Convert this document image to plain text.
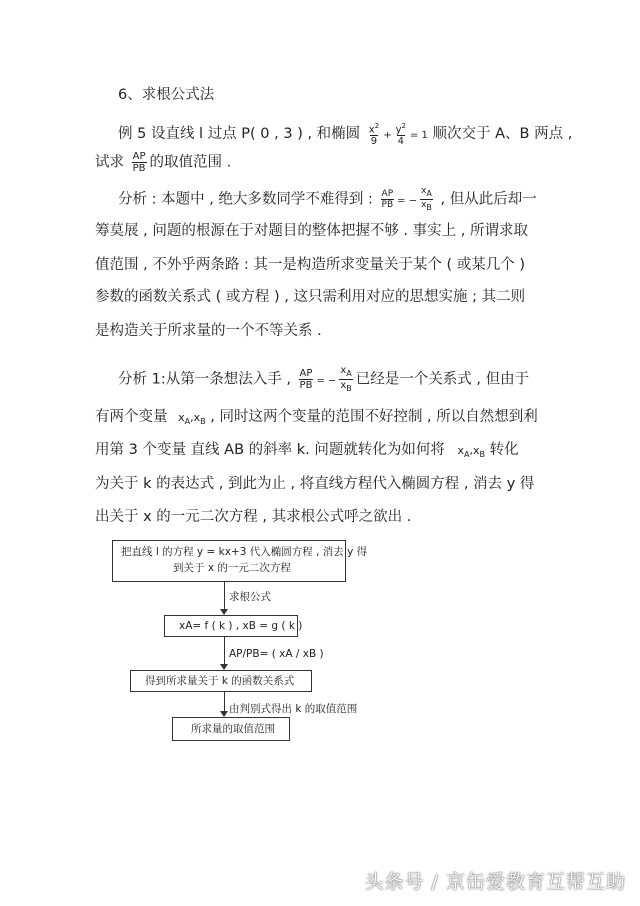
6、求根公式法
例 5 设直线 l 过点 P( 0 , 3 ) , 和椭圆 $\frac{x^2}{9} + \frac{y^2}{4} = 1$ 顺次交于 A、B 两点 ,
试求 $\frac{AP}{PB}$ 的取值范围 .
分析 : 本题中 , 绝大多数同学不难得到 : $\frac{AP}{PB}$ = − $\frac{xA}{xB}$ , 但从此后却一
筹莫展 , 问题的根源在于对题目的整体把握不够 . 事实上 , 所谓求取
值范围 , 不外乎两条路 : 其一是构造所求变量关于某个 ( 或某几个 )
参数的函数关系式 ( 或方程 ) , 这只需利用对应的思想实施 ; 其二则
是构造关于所求量的一个不等关系 .
分析 1:从第一条想法入手 , $\frac{AP}{PB}$ = − $\frac{x_A}{x_B}$ 已经是一个关系式 , 但由于
有两个变量 $x_A,x_B$ , 同时这两个变量的范围不好控制 , 所以自然想到利
用第 3 个变量 直线 AB 的斜率 k. 问题就转化为如何将 $x_A,x_B$ 转化
为关于 k 的表达式 , 到此为止 , 将直线方程代入椭圆方程 , 消去 y 得
出关于 x 的一元二次方程 , 其求根公式呼之欲出 .
把直线 l 的方程 y = kx+3 代入椭圆方程 , 消去 y 得
到关于 x 的一元二次方程
求根公式
xA= f ( k ) , xB = g ( k )
AP/PB= ( xA / xB )
得到所求量关于 k 的函数关系式
由判别式得出 k 的取值范围
所求量的取值范围
头条号 / 京缶爱教育互帮互助
